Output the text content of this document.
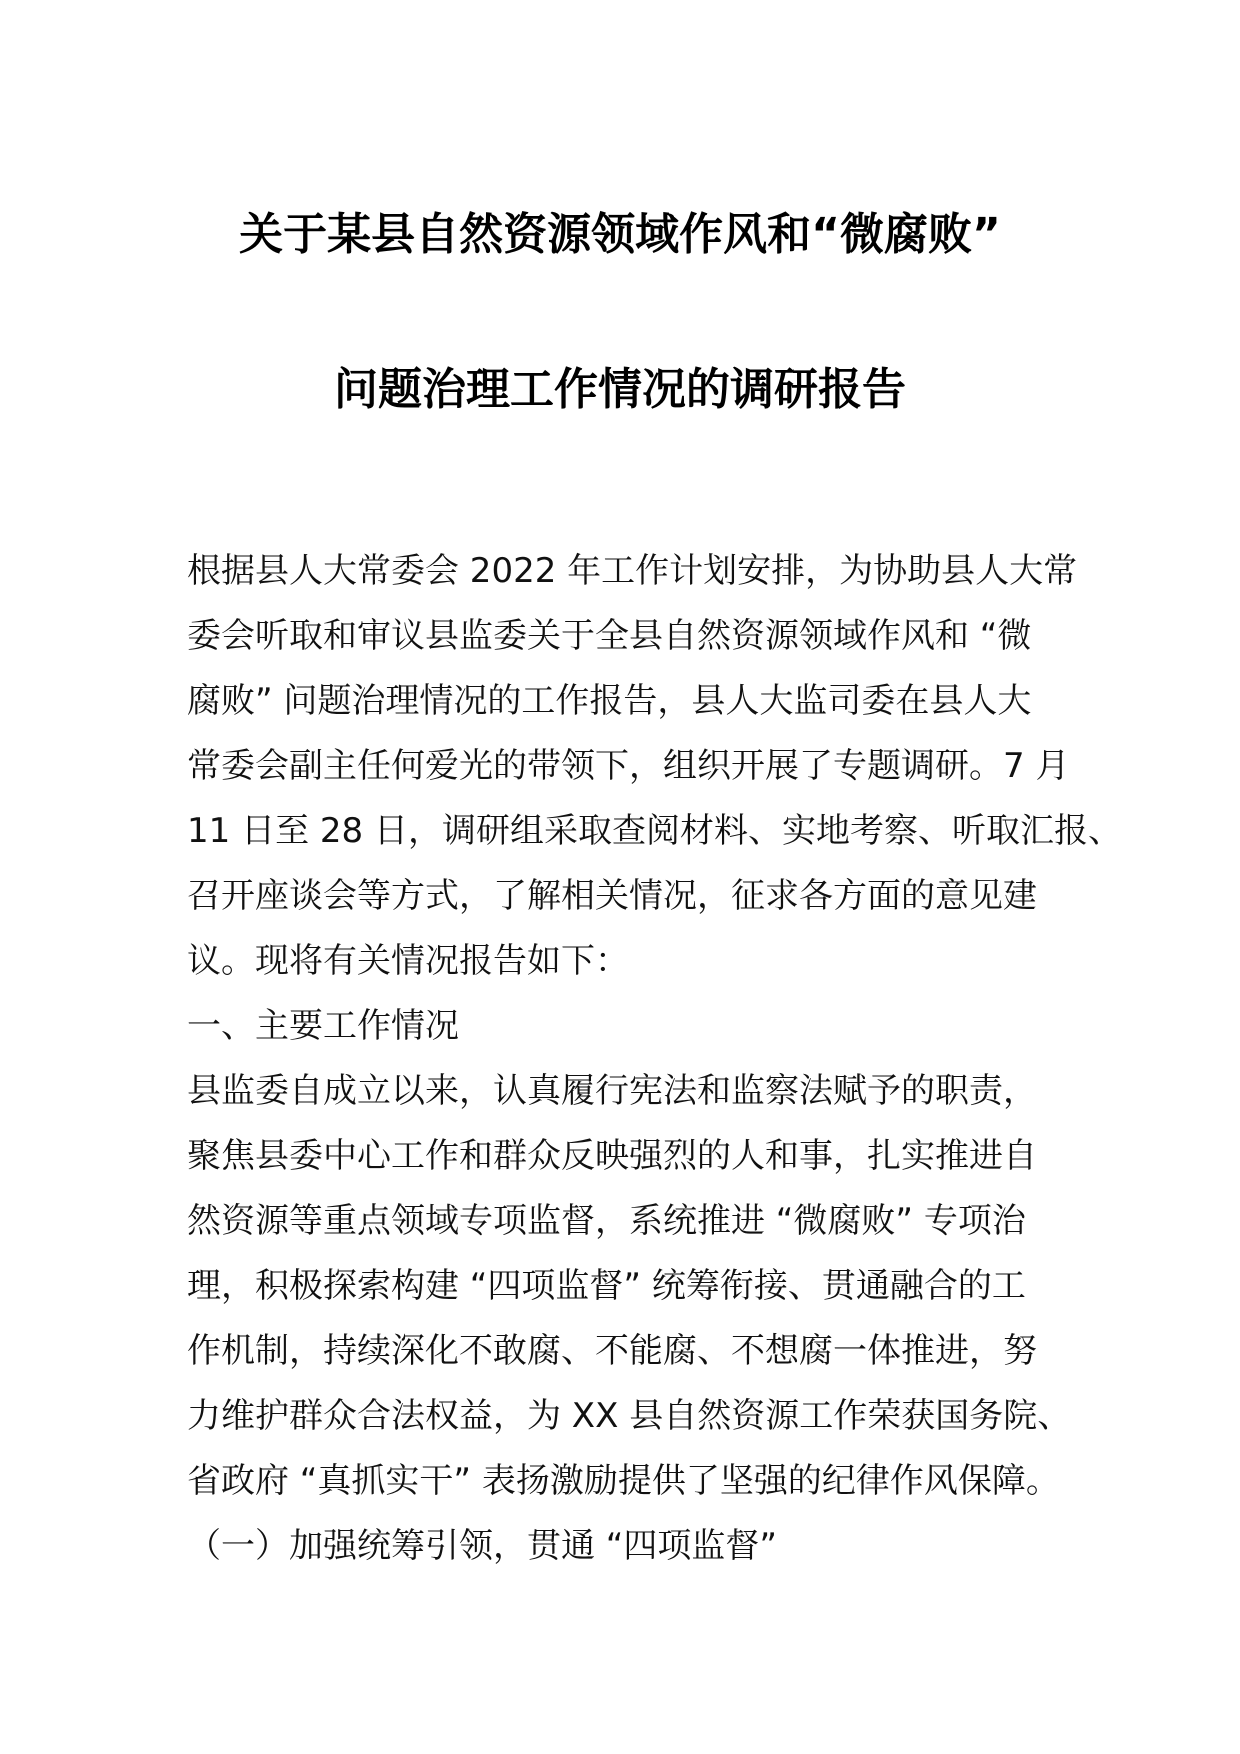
关于某县自然资源领域作风和“微腐败”
问题治理工作情况的调研报告
根据县人大常委会 2022 年工作计划安排，为协助县人大常
委会听取和审议县监委关于全县自然资源领域作风和 “微
腐败” 问题治理情况的工作报告，县人大监司委在县人大
常委会副主任何爱光的带领下，组织开展了专题调研。7 月
11 日至 28 日，调研组采取查阅材料、实地考察、听取汇报、
召开座谈会等方式，了解相关情况，征求各方面的意见建
议。现将有关情况报告如下：
一、主要工作情况
县监委自成立以来，认真履行宪法和监察法赋予的职责，
聚焦县委中心工作和群众反映强烈的人和事，扎实推进自
然资源等重点领域专项监督，系统推进 “微腐败” 专项治
理，积极探索构建 “四项监督” 统筹衔接、贯通融合的工
作机制，持续深化不敢腐、不能腐、不想腐一体推进，努
力维护群众合法权益，为 XX 县自然资源工作荣获国务院、
省政府 “真抓实干” 表扬激励提供了坚强的纪律作风保障。
（一）加强统筹引领，贯通 “四项监督”
